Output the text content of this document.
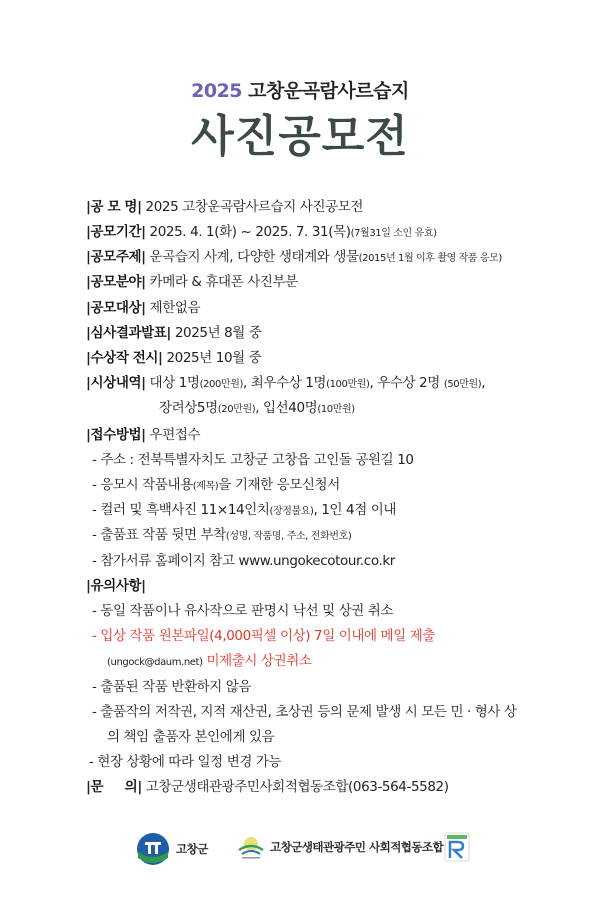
2025 고창운곡람사르습지
사진공모전
|공 모 명| 2025 고창운곡람사르습지 사진공모전
|공모기간| 2025. 4. 1(화) ~ 2025. 7. 31(목)(7월31일 소인 유효)
|공모주제| 운곡습지 사계, 다양한 생태계와 생물(2015년 1월 이후 촬영 작품 응모)
|공모분야| 카메라 & 휴대폰 사진부분
|공모대상| 제한없음
|심사결과발표| 2025년 8월 중
|수상작 전시| 2025년 10월 중
|시상내역| 대상 1명(200만원), 최우수상 1명(100만원), 우수상 2명 (50만원),
장려상5명(20만원), 입선40명(10만원)
|접수방법| 우편접수
- 주소 : 전북특별자치도 고창군 고창읍 고인돌 공원길 10
- 응모시 작품내용(제목)을 기재한 응모신청서
- 컬러 및 흑백사진 11×14인치(장정불요), 1인 4점 이내
- 출품표 작품 뒷면 부착(성명, 작품명, 주소, 전화번호)
- 참가서류 홈페이지 참고 www.ungokecotour.co.kr
|유의사항|
- 동일 작품이나 유사작으로 판명시 낙선 및 상권 취소
- 입상 작품 원본파일(4,000픽셀 이상) 7일 이내에 메일 제출
(ungock@daum.net) 미제출시 상권취소
- 출품된 작품 반환하지 않음
- 출품작의 저작권, 지적 재산권, 초상권 등의 문제 발생 시 모든 민 · 형사 상
의 책임 출품자 본인에게 있음
- 현장 상황에 따라 일정 변경 가능
|문     의| 고창군생태관광주민사회적협동조합(063-564-5582)
고창군	고창군생태관광주민 사회적협동조합
